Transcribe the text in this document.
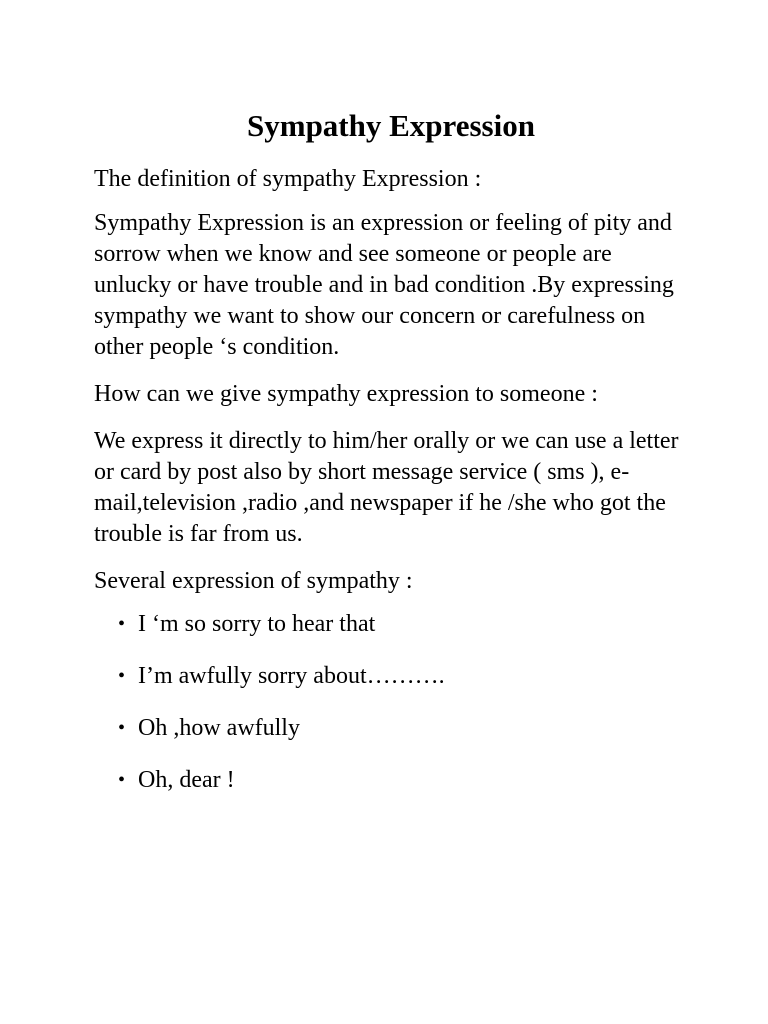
Sympathy Expression

The definition of sympathy Expression :

Sympathy Expression is an expression or feeling of pity and sorrow when we know and see someone or people are unlucky or have trouble and in bad condition .By expressing sympathy we want to show our concern or carefulness on other people ‘s condition.

How can we give sympathy expression to someone :

We express it directly to him/her orally or we can use a letter or card by post also by short message service ( sms ), e-mail,television ,radio ,and newspaper if he /she who got the trouble is far from us.

Several expression of sympathy :

• I ‘m so sorry to hear that
• I’m awfully sorry about……….
• Oh ,how awfully
• Oh, dear !
